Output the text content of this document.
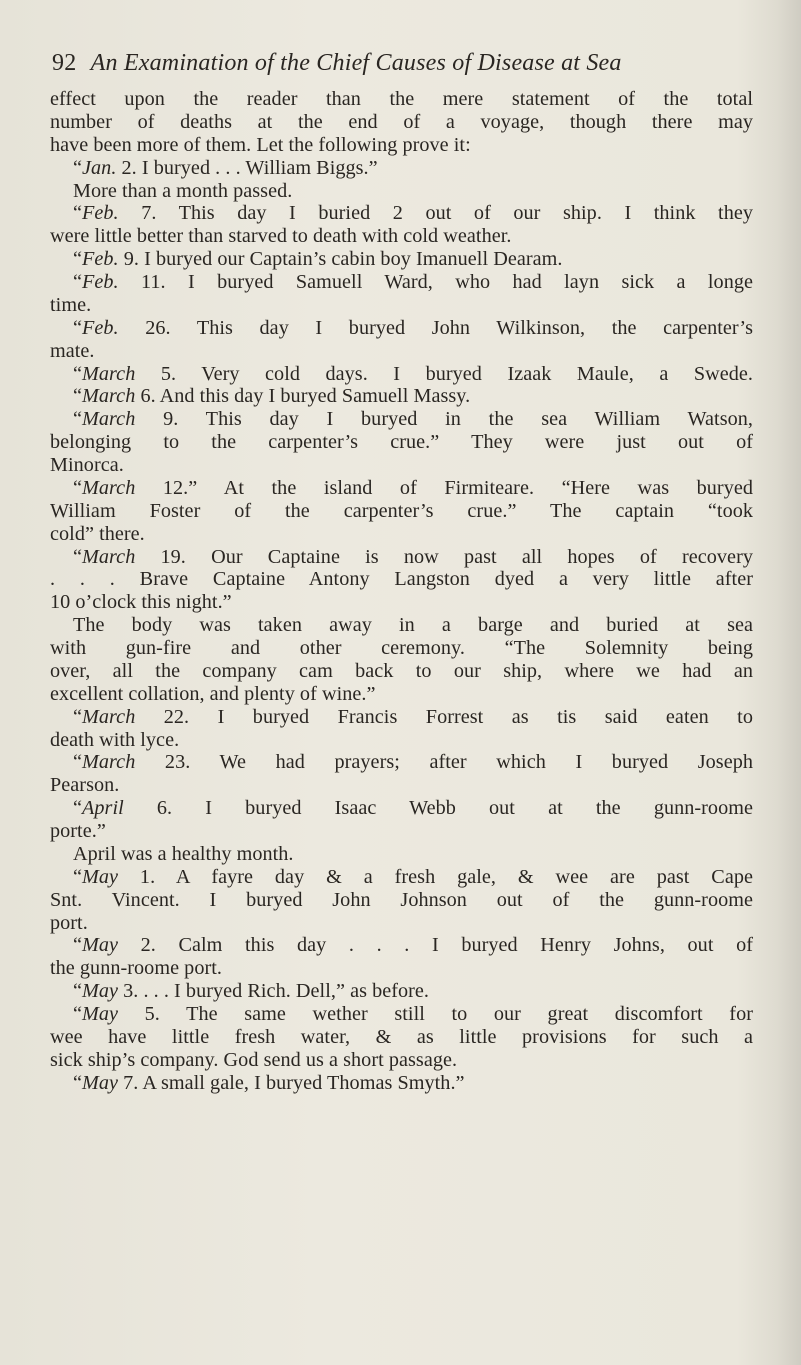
92 An Examination of the Chief Causes of Disease at Sea
effect upon the reader than the mere statement of the total
number of deaths at the end of a voyage, though there may
have been more of them. Let the following prove it:
“Jan. 2. I buryed . . . William Biggs.”
More than a month passed.
“Feb. 7. This day I buried 2 out of our ship. I think they
were little better than starved to death with cold weather.
“Feb. 9. I buryed our Captain’s cabin boy Imanuell Dearam.
“Feb. 11. I buryed Samuell Ward, who had layn sick a longe
time.
“Feb. 26. This day I buryed John Wilkinson, the carpenter’s
mate.
“March 5. Very cold days. I buryed Izaak Maule, a Swede.
“March 6. And this day I buryed Samuell Massy.
“March 9. This day I buryed in the sea William Watson,
belonging to the carpenter’s crue.” They were just out of
Minorca.
“March 12.” At the island of Firmiteare. “Here was buryed
William Foster of the carpenter’s crue.” The captain “took
cold” there.
“March 19. Our Captaine is now past all hopes of recovery
. . . Brave Captaine Antony Langston dyed a very little after
10 o’clock this night.”
The body was taken away in a barge and buried at sea
with gun-fire and other ceremony. “The Solemnity being
over, all the company cam back to our ship, where we had an
excellent collation, and plenty of wine.”
“March 22. I buryed Francis Forrest as tis said eaten to
death with lyce.
“March 23. We had prayers; after which I buryed Joseph
Pearson.
“April 6. I buryed Isaac Webb out at the gunn-roome
porte.”
April was a healthy month.
“May 1. A fayre day & a fresh gale, & wee are past Cape
Snt. Vincent. I buryed John Johnson out of the gunn-roome
port.
“May 2. Calm this day . . . I buryed Henry Johns, out of
the gunn-roome port.
“May 3. . . . I buryed Rich. Dell,” as before.
“May 5. The same wether still to our great discomfort for
wee have little fresh water, & as little provisions for such a
sick ship’s company. God send us a short passage.
“May 7. A small gale, I buryed Thomas Smyth.”
